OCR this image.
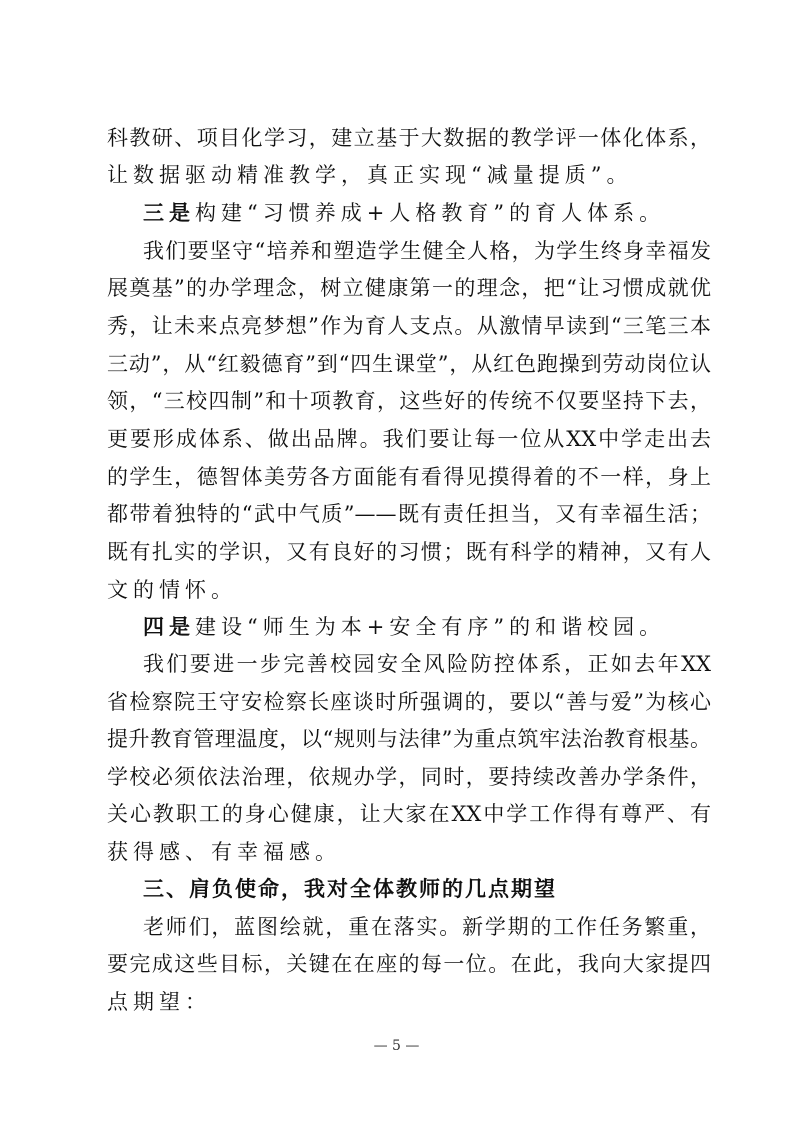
科教研、项目化学习，建立基于大数据的教学评一体化体系，
让数据驱动精准教学，真正实现“减量提质”。
三是构建“习惯养成+人格教育”的育人体系。
我们要坚守“培养和塑造学生健全人格，为学生终身幸福发
展奠基”的办学理念，树立健康第一的理念，把“让习惯成就优
秀，让未来点亮梦想”作为育人支点。从激情早读到“三笔三本
三动”，从“红毅德育”到“四生课堂”，从红色跑操到劳动岗位认
领，“三校四制”和十项教育，这些好的传统不仅要坚持下去，
更要形成体系、做出品牌。我们要让每一位从XX中学走出去
的学生，德智体美劳各方面能有看得见摸得着的不一样，身上
都带着独特的“武中气质”——既有责任担当，又有幸福生活；
既有扎实的学识，又有良好的习惯；既有科学的精神，又有人
文的情怀。
四是建设“师生为本+安全有序”的和谐校园。
我们要进一步完善校园安全风险防控体系，正如去年XX
省检察院王守安检察长座谈时所强调的，要以“善与爱”为核心
提升教育管理温度，以“规则与法律”为重点筑牢法治教育根基。
学校必须依法治理，依规办学，同时，要持续改善办学条件，
关心教职工的身心健康，让大家在XX中学工作得有尊严、有
获得感、有幸福感。
三、肩负使命，我对全体教师的几点期望
老师们，蓝图绘就，重在落实。新学期的工作任务繁重，
要完成这些目标，关键在在座的每一位。在此，我向大家提四
点期望：
— 5 —
